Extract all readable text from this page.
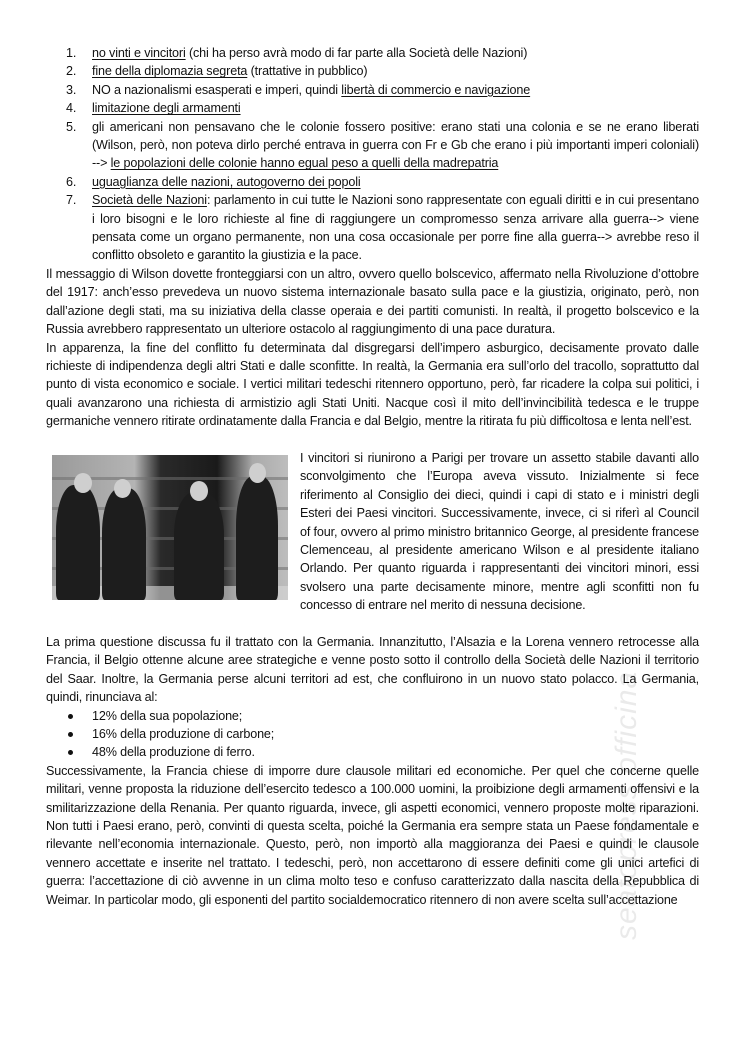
seatopress officina
1. no vinti e vincitori (chi ha perso avrà modo di far parte alla Società delle Nazioni)
2. fine della diplomazia segreta (trattative in pubblico)
3. NO a nazionalismi esasperati e imperi, quindi libertà di commercio e navigazione
4. limitazione degli armamenti
5. gli americani non pensavano che le colonie fossero positive: erano stati una colonia e se ne erano liberati (Wilson, però, non poteva dirlo perché entrava in guerra con Fr e Gb che erano i più importanti imperi coloniali) --> le popolazioni delle colonie hanno egual peso a quelli della madrepatria
6. uguaglianza delle nazioni, autogoverno dei popoli
7. Società delle Nazioni: parlamento in cui tutte le Nazioni sono rappresentate con eguali diritti e in cui presentano i loro bisogni e le loro richieste al fine di raggiungere un compromesso senza arrivare alla guerra--> viene pensata come un organo permanente, non una cosa occasionale per porre fine alla guerra--> avrebbe reso il conflitto obsoleto e garantito la giustizia e la pace.

Il messaggio di Wilson dovette fronteggiarsi con un altro, ovvero quello bolscevico, affermato nella Rivoluzione d’ottobre del 1917: anch’esso prevedeva un nuovo sistema internazionale basato sulla pace e la giustizia, originato, però, non dall’azione degli stati, ma su iniziativa della classe operaia e dei partiti comunisti. In realtà, il progetto bolscevico e la Russia avrebbero rappresentato un ulteriore ostacolo al raggiungimento di una pace duratura.

In apparenza, la fine del conflitto fu determinata dal disgregarsi dell’impero asburgico, decisamente provato dalle richieste di indipendenza degli altri Stati e dalle sconfitte. In realtà, la Germania era sull’orlo del tracollo, soprattutto dal punto di vista economico e sociale. I vertici militari tedeschi ritennero opportuno, però, far ricadere la colpa sui politici, i quali avanzarono una richiesta di armistizio agli Stati Uniti. Nacque così il mito dell’invincibilità tedesca e le truppe germaniche vennero ritirate ordinatamente dalla Francia e dal Belgio, mentre la ritirata fu più difficoltosa e lenta nell’est.

I vincitori si riunirono a Parigi per trovare un assetto stabile davanti allo sconvolgimento che l’Europa aveva vissuto. Inizialmente si fece riferimento al Consiglio dei dieci, quindi i capi di stato e i ministri degli Esteri dei Paesi vincitori. Successivamente, invece, ci si riferì al Council of four, ovvero al primo ministro britannico George, al presidente francese Clemenceau, al presidente americano Wilson e al presidente italiano Orlando. Per quanto riguarda i rappresentanti dei vincitori minori, essi svolsero una parte decisamente minore, mentre agli sconfitti non fu concesso di entrare nel merito di nessuna decisione.

La prima questione discussa fu il trattato con la Germania. Innanzitutto, l’Alsazia e la Lorena vennero retrocesse alla Francia, il Belgio ottenne alcune aree strategiche e venne posto sotto il controllo della Società delle Nazioni il territorio del Saar. Inoltre, la Germania perse alcuni territori ad est, che confluirono in un nuovo stato polacco. La Germania, quindi, rinunciava al:

12% della sua popolazione;
16% della produzione di carbone;
48% della produzione di ferro.

Successivamente, la Francia chiese di imporre dure clausole militari ed economiche. Per quel che concerne quelle militari, venne proposta la riduzione dell’esercito tedesco a 100.000 uomini, la proibizione degli armamenti offensivi e la smilitarizzazione della Renania. Per quanto riguarda, invece, gli aspetti economici, vennero proposte molte riparazioni. Non tutti i Paesi erano, però, convinti di questa scelta, poiché la Germania era sempre stata un Paese fondamentale e rilevante nell’economia internazionale. Questo, però, non importò alla maggioranza dei Paesi e quindi le clausole vennero accettate e inserite nel trattato. I tedeschi, però, non accettarono di essere definiti come gli unici artefici di guerra: l’accettazione di ciò avvenne in un clima molto teso e confuso caratterizzato dalla nascita della Repubblica di Weimar. In particolar modo, gli esponenti del partito socialdemocratico ritennero di non avere scelta sull’accettazione
